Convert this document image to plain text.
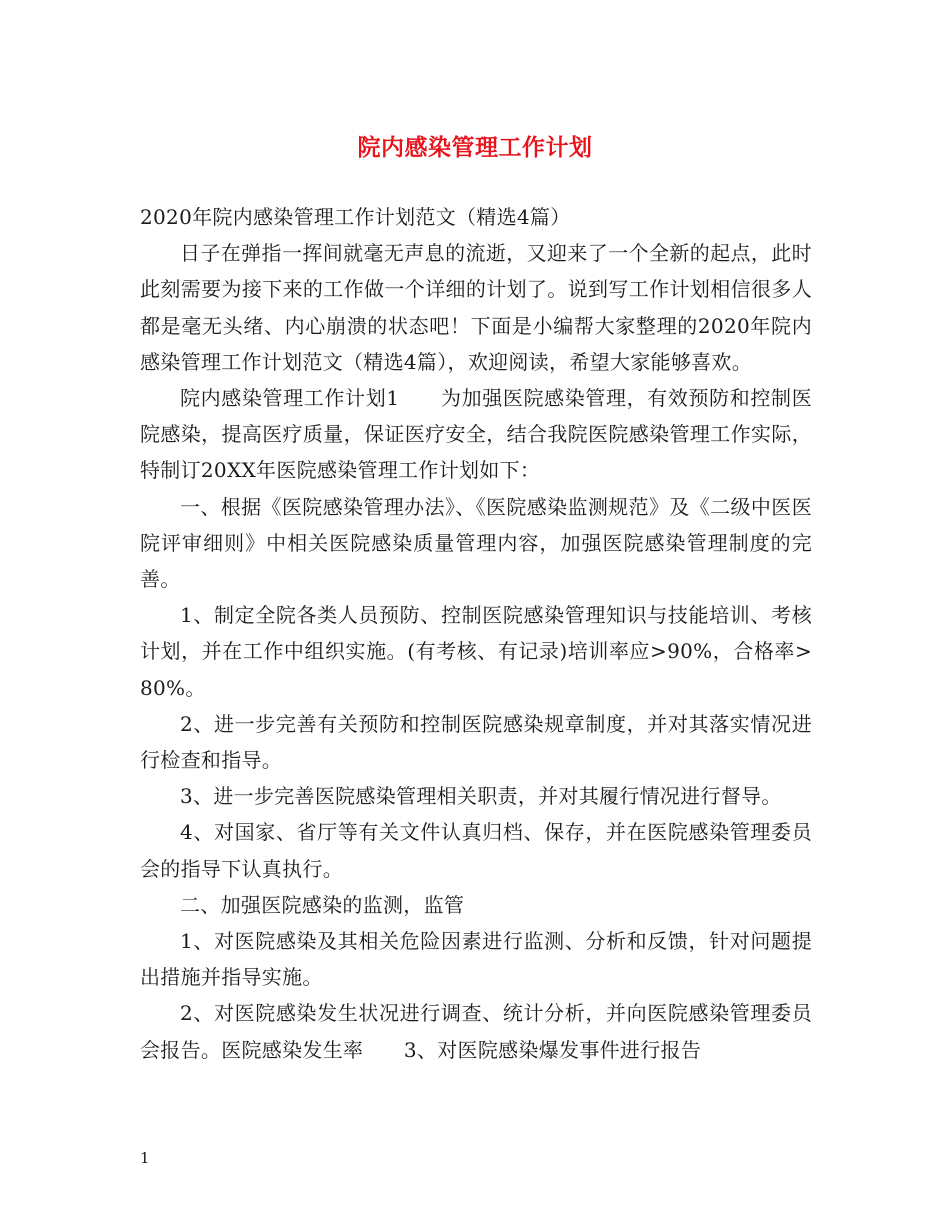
院内感染管理工作计划

2020年院内感染管理工作计划范文（精选4篇）

日子在弹指一挥间就毫无声息的流逝，又迎来了一个全新的起点，此时此刻需要为接下来的工作做一个详细的计划了。说到写工作计划相信很多人都是毫无头绪、内心崩溃的状态吧！下面是小编帮大家整理的2020年院内感染管理工作计划范文（精选4篇），欢迎阅读，希望大家能够喜欢。

院内感染管理工作计划1　　为加强医院感染管理，有效预防和控制医院感染，提高医疗质量，保证医疗安全，结合我院医院感染管理工作实际，特制订20XX年医院感染管理工作计划如下：

一、根据《医院感染管理办法》、《医院感染监测规范》及《二级中医医院评审细则》中相关医院感染质量管理内容，加强医院感染管理制度的完善。

1、制定全院各类人员预防、控制医院感染管理知识与技能培训、考核计划，并在工作中组织实施。(有考核、有记录)培训率应>90%，合格率>80%。

2、进一步完善有关预防和控制医院感染规章制度，并对其落实情况进行检查和指导。

3、进一步完善医院感染管理相关职责，并对其履行情况进行督导。

4、对国家、省厅等有关文件认真归档、保存，并在医院感染管理委员会的指导下认真执行。

二、加强医院感染的监测，监管

1、对医院感染及其相关危险因素进行监测、分析和反馈，针对问题提出措施并指导实施。

2、对医院感染发生状况进行调查、统计分析，并向医院感染管理委员会报告。医院感染发生率　　3、对医院感染爆发事件进行报告

1
